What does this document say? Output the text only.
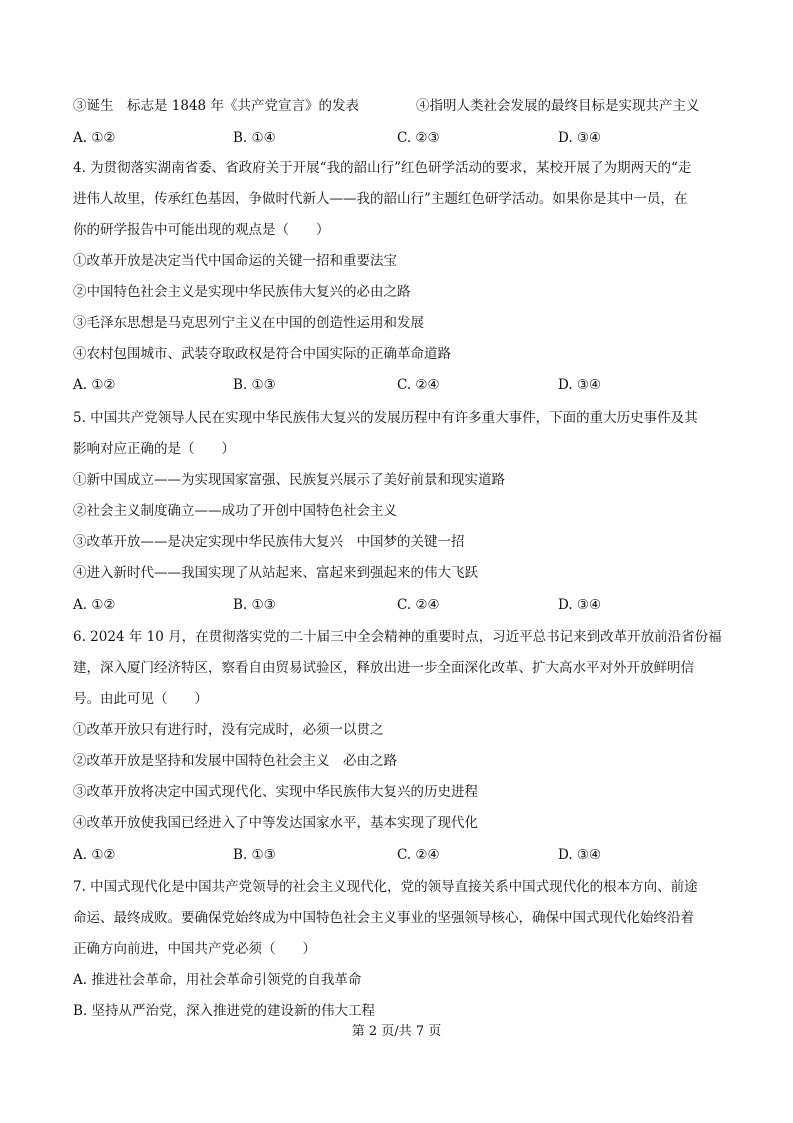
③诞生　标志是 1848 年《共产党宣言》的发表	④指明人类社会发展的最终目标是实现共产主义
A. ①②	B. ①④	C. ②③	D. ③④
4. 为贯彻落实湖南省委、省政府关于开展“我的韶山行”红色研学活动的要求，某校开展了为期两天的“走
进伟人故里，传承红色基因，争做时代新人——我的韶山行”主题红色研学活动。如果你是其中一员，在
你的研学报告中可能出现的观点是（　　）
①改革开放是决定当代中国命运的关键一招和重要法宝
②中国特色社会主义是实现中华民族伟大复兴的必由之路
③毛泽东思想是马克思列宁主义在中国的创造性运用和发展
④农村包围城市、武装夺取政权是符合中国实际的正确革命道路
A. ①②	B. ①③	C. ②④	D. ③④
5. 中国共产党领导人民在实现中华民族伟大复兴的发展历程中有许多重大事件，下面的重大历史事件及其
影响对应正确的是（　　）
①新中国成立——为实现国家富强、民族复兴展示了美好前景和现实道路
②社会主义制度确立——成功了开创中国特色社会主义
③改革开放——是决定实现中华民族伟大复兴　中国梦的关键一招
④进入新时代——我国实现了从站起来、富起来到强起来的伟大飞跃
A. ①②	B. ①③	C. ②④	D. ③④
6. 2024 年 10 月，在贯彻落实党的二十届三中全会精神的重要时点，习近平总书记来到改革开放前沿省份福
建，深入厦门经济特区，察看自由贸易试验区，释放出进一步全面深化改革、扩大高水平对外开放鲜明信
号。由此可见（　　）
①改革开放只有进行时，没有完成时，必须一以贯之
②改革开放是坚持和发展中国特色社会主义　必由之路
③改革开放将决定中国式现代化、实现中华民族伟大复兴的历史进程
④改革开放使我国已经进入了中等发达国家水平，基本实现了现代化
A. ①②	B. ①③	C. ②④	D. ③④
7. 中国式现代化是中国共产党领导的社会主义现代化，党的领导直接关系中国式现代化的根本方向、前途
命运、最终成败。要确保党始终成为中国特色社会主义事业的坚强领导核心，确保中国式现代化始终沿着
正确方向前进，中国共产党必须（　　）
A. 推进社会革命，用社会革命引领党的自我革命
B. 坚持从严治党，深入推进党的建设新的伟大工程
第 2 页/共 7 页
